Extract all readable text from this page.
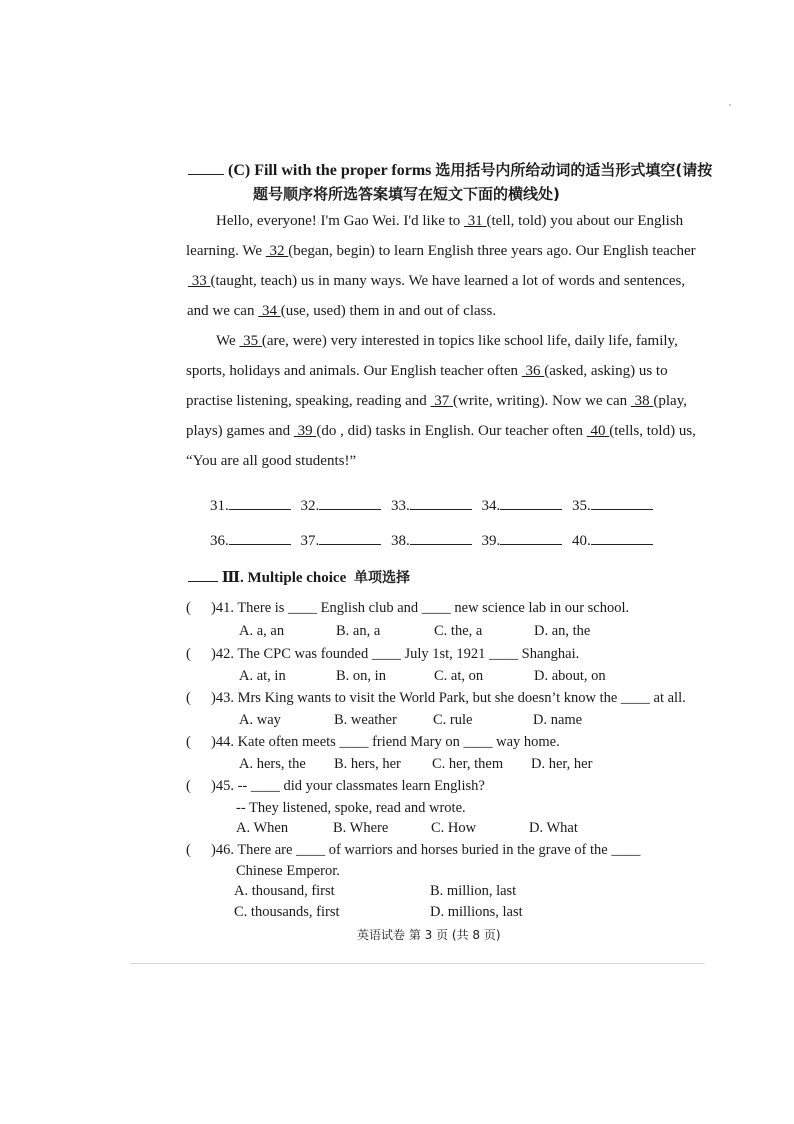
(C) Fill with the proper forms 选用括号内所给动词的适当形式填空(请按
题号顺序将所选答案填写在短文下面的横线处)
Hello, everyone! I'm Gao Wei. I'd like to 31 (tell, told) you about our English
learning. We 32 (began, begin) to learn English three years ago. Our English teacher
33 (taught, teach) us in many ways. We have learned a lot of words and sentences,
and we can 34 (use, used) them in and out of class.
We 35 (are, were) very interested in topics like school life, daily life, family,
sports, holidays and animals. Our English teacher often 36 (asked, asking) us to
practise listening, speaking, reading and 37 (write, writing). Now we can 38 (play,
plays) games and 39 (do , did) tasks in English. Our teacher often 40 (tells, told) us,
“You are all good students!”
31.	32.	33.	34.	35.
36.	37.	38.	39.	40.
Ⅲ. Multiple choice 单项选择
( )41. There is ____ English club and ____ new science lab in our school.
A. a, an	B. an, a	C. the, a	D. an, the
( )42. The CPC was founded ____ July 1st, 1921 ____ Shanghai.
A. at, in	B. on, in	C. at, on	D. about, on
( )43. Mrs King wants to visit the World Park, but she doesn’t know the ____ at all.
A. way	B. weather C. rule	D. name
( )44. Kate often meets ____ friend Mary on ____ way home.
A. hers, the B. hers, her C. her, them D. her, her
( )45. -- ____ did your classmates learn English?
-- They listened, spoke, read and wrote.
A. When	B. Where	C. How	D. What
( )46. There are ____ of warriors and horses buried in the grave of the ____
Chinese Emperor.
A. thousand, first	B. million, last
C. thousands, first	D. millions, last
英语试卷 第 3 页 (共 8 页)
